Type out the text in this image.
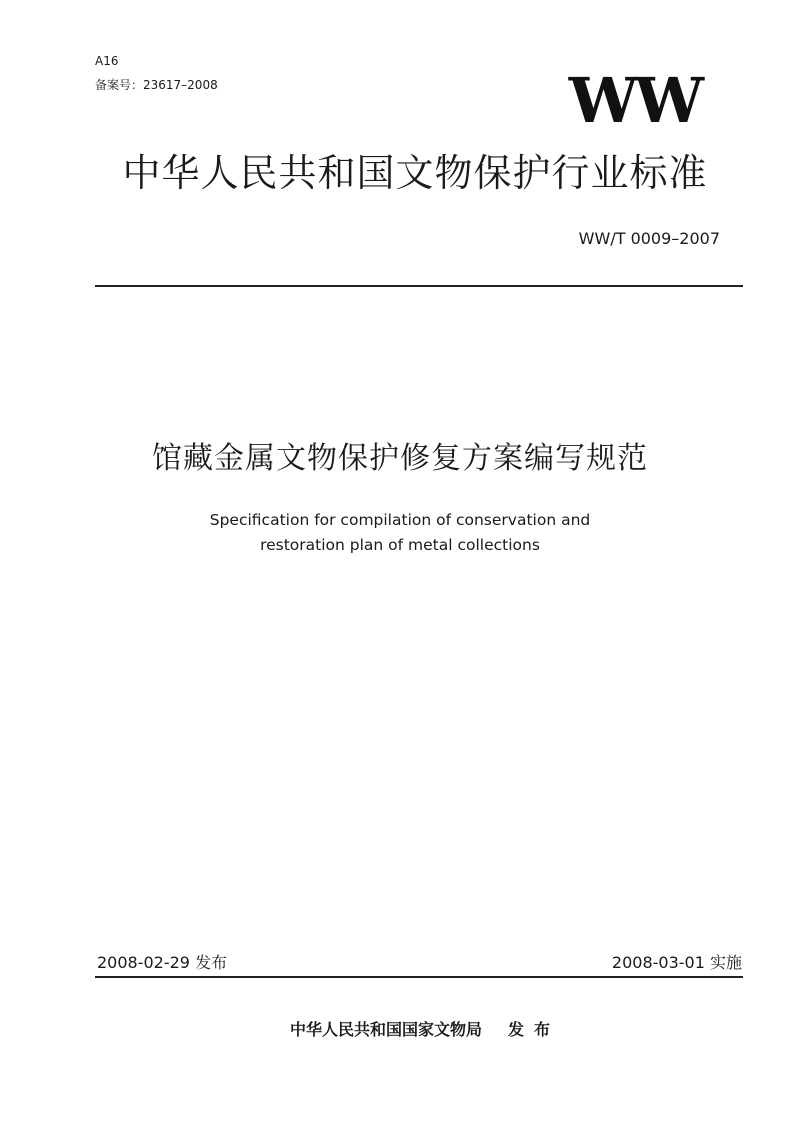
A16
备案号：23617–2008	WW
中华人民共和国文物保护行业标准
WW/T 0009–2007
馆藏金属文物保护修复方案编写规范
Specification for compilation of conservation and
restoration plan of metal collections
2008-02-29 发布	2008-03-01 实施
中华人民共和国国家文物局 发布
